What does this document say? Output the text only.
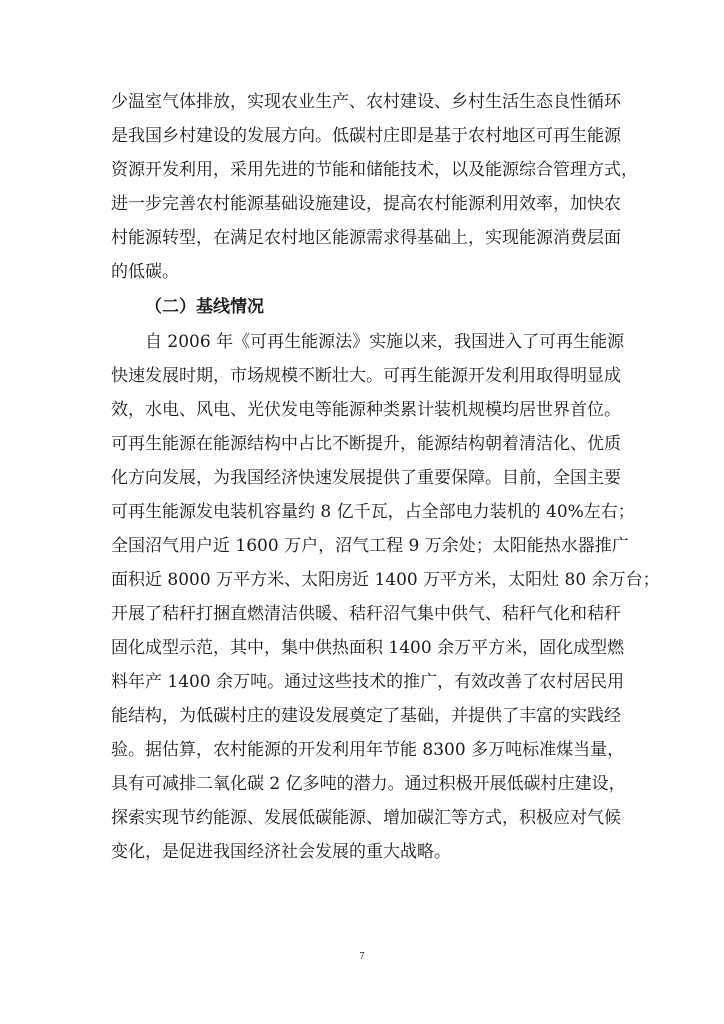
少温室气体排放，实现农业生产、农村建设、乡村生活生态良性循环
是我国乡村建设的发展方向。低碳村庄即是基于农村地区可再生能源
资源开发利用，采用先进的节能和储能技术，以及能源综合管理方式，
进一步完善农村能源基础设施建设，提高农村能源利用效率，加快农
村能源转型，在满足农村地区能源需求得基础上，实现能源消费层面
的低碳。
（二）基线情况
自 2006 年《可再生能源法》实施以来，我国进入了可再生能源
快速发展时期，市场规模不断壮大。可再生能源开发利用取得明显成
效，水电、风电、光伏发电等能源种类累计装机规模均居世界首位。
可再生能源在能源结构中占比不断提升，能源结构朝着清洁化、优质
化方向发展，为我国经济快速发展提供了重要保障。目前，全国主要
可再生能源发电装机容量约 8 亿千瓦，占全部电力装机的 40%左右；
全国沼气用户近 1600 万户，沼气工程 9 万余处；太阳能热水器推广
面积近 8000 万平方米、太阳房近 1400 万平方米，太阳灶 80 余万台；
开展了秸秆打捆直燃清洁供暖、秸秆沼气集中供气、秸秆气化和秸秆
固化成型示范，其中，集中供热面积 1400 余万平方米，固化成型燃
料年产 1400 余万吨。通过这些技术的推广，有效改善了农村居民用
能结构，为低碳村庄的建设发展奠定了基础，并提供了丰富的实践经
验。据估算，农村能源的开发利用年节能 8300 多万吨标准煤当量，
具有可减排二氧化碳 2 亿多吨的潜力。通过积极开展低碳村庄建设，
探索实现节约能源、发展低碳能源、增加碳汇等方式，积极应对气候
变化，是促进我国经济社会发展的重大战略。
7
